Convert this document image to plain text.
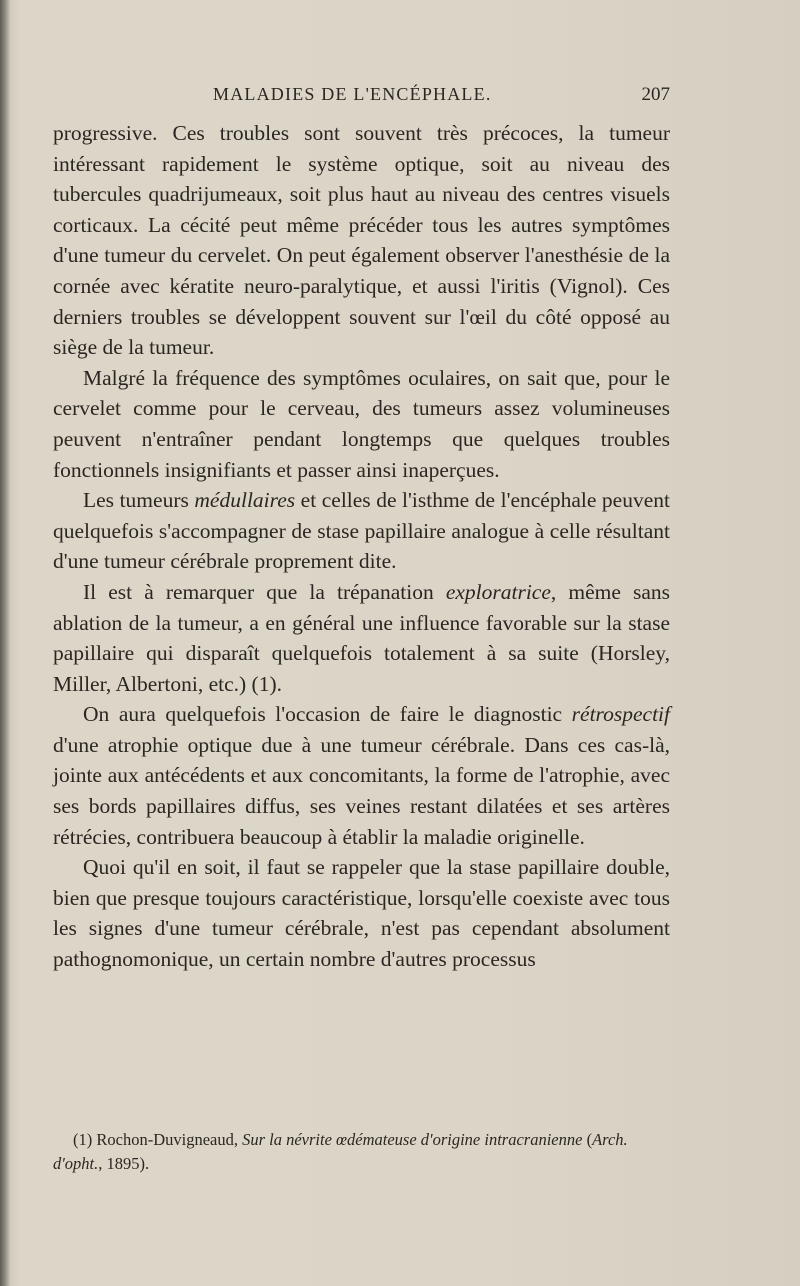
MALADIES DE L'ENCÉPHALE.	207

progressive. Ces troubles sont souvent très précoces, la tumeur intéressant rapidement le système optique, soit au niveau des tubercules quadrijumeaux, soit plus haut au niveau des centres visuels corticaux. La cécité peut même précéder tous les autres symptômes d'une tumeur du cervelet. On peut également observer l'anesthésie de la cornée avec kératite neuro-paralytique, et aussi l'iritis (Vignol). Ces derniers troubles se développent souvent sur l'œil du côté opposé au siège de la tumeur.

Malgré la fréquence des symptômes oculaires, on sait que, pour le cervelet comme pour le cerveau, des tumeurs assez volumineuses peuvent n'entraîner pendant longtemps que quelques troubles fonctionnels insignifiants et passer ainsi inaperçues.

Les tumeurs médullaires et celles de l'isthme de l'encéphale peuvent quelquefois s'accompagner de stase papillaire analogue à celle résultant d'une tumeur cérébrale proprement dite.

Il est à remarquer que la trépanation exploratrice, même sans ablation de la tumeur, a en général une influence favorable sur la stase papillaire qui disparaît quelquefois totalement à sa suite (Horsley, Miller, Albertoni, etc.) (1).

On aura quelquefois l'occasion de faire le diagnostic rétrospectif d'une atrophie optique due à une tumeur cérébrale. Dans ces cas-là, jointe aux antécédents et aux concomitants, la forme de l'atrophie, avec ses bords papillaires diffus, ses veines restant dilatées et ses artères rétrécies, contribuera beaucoup à établir la maladie originelle.

Quoi qu'il en soit, il faut se rappeler que la stase papillaire double, bien que presque toujours caractéristique, lorsqu'elle coexiste avec tous les signes d'une tumeur cérébrale, n'est pas cependant absolument pathognomonique, un certain nombre d'autres processus

(1) Rochon-Duvigneaud, Sur la névrite œdémateuse d'origine intracranienne (Arch. d'opht., 1895).
